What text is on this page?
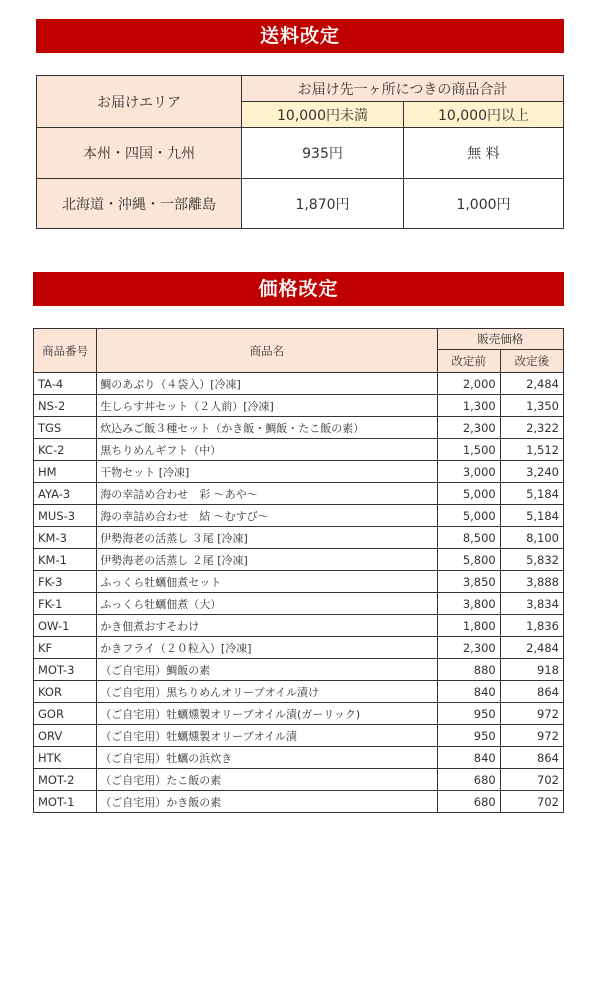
送料改定
お届けエリア	お届け先一ヶ所につきの商品合計	
	10,000円未満	10,000円以上
本州・四国・九州	935円	無 料
北海道・沖縄・一部離島	1,870円	1,000円
価格改定
商品番号	商品名	販売価格	
		改定前	改定後
TA-4	鯛のあぶり（４袋入）[冷凍]	2,000	2,484
NS-2	生しらす丼セット（２人前）[冷凍]	1,300	1,350
TGS	炊込みご飯３種セット（かき飯・鯛飯・たこ飯の素）	2,300	2,322
KC-2	黒ちりめんギフト（中）	1,500	1,512
HM	干物セット [冷凍]	3,000	3,240
AYA-3	海の幸詰め合わせ　彩 ～あや～	5,000	5,184
MUS-3	海の幸詰め合わせ　結 ～むすび～	5,000	5,184
KM-3	伊勢海老の活蒸し ３尾 [冷凍]	8,500	8,100
KM-1	伊勢海老の活蒸し ２尾 [冷凍]	5,800	5,832
FK-3	ふっくら牡蠣佃煮セット	3,850	3,888
FK-1	ふっくら牡蠣佃煮（大）	3,800	3,834
OW-1	かき佃煮おすそわけ	1,800	1,836
KF	かきフライ（２０粒入）[冷凍]	2,300	2,484
MOT-3	（ご自宅用）鯛飯の素	880	918
KOR	（ご自宅用）黒ちりめんオリーブオイル漬け	840	864
GOR	（ご自宅用）牡蠣燻製オリーブオイル漬(ガーリック)	950	972
ORV	（ご自宅用）牡蠣燻製オリーブオイル漬	950	972
HTK	（ご自宅用）牡蠣の浜炊き	840	864
MOT-2	（ご自宅用）たこ飯の素	680	702
MOT-1	（ご自宅用）かき飯の素	680	702
